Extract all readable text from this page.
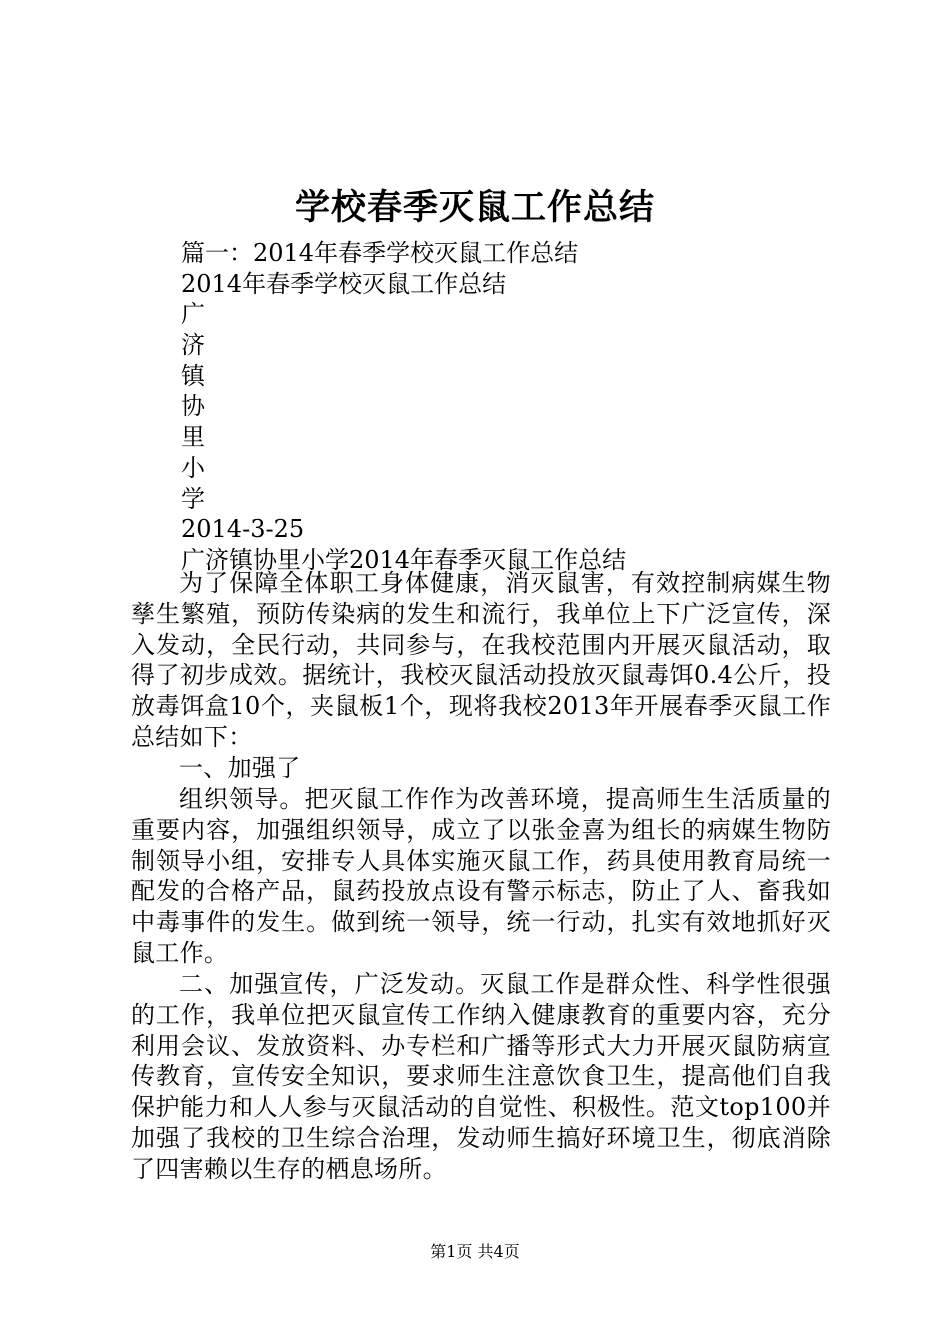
学校春季灭鼠工作总结
篇一：2014年春季学校灭鼠工作总结
2014年春季学校灭鼠工作总结
广
济
镇
协
里
小
学
2014-3-25
广济镇协里小学2014年春季灭鼠工作总结
为了保障全体职工身体健康，消灭鼠害，有效控制病媒生物孳生繁殖，预防传染病的发生和流行，我单位上下广泛宣传，深入发动，全民行动，共同参与，在我校范围内开展灭鼠活动，取得了初步成效。据统计，我校灭鼠活动投放灭鼠毒饵0.4公斤，投放毒饵盒10个，夹鼠板1个，现将我校2013年开展春季灭鼠工作总结如下：
一、加强了
组织领导。把灭鼠工作作为改善环境，提高师生生活质量的重要内容，加强组织领导，成立了以张金喜为组长的病媒生物防制领导小组，安排专人具体实施灭鼠工作，药具使用教育局统一配发的合格产品，鼠药投放点设有警示标志，防止了人、畜我如中毒事件的发生。做到统一领导，统一行动，扎实有效地抓好灭鼠工作。
二、加强宣传，广泛发动。灭鼠工作是群众性、科学性很强的工作，我单位把灭鼠宣传工作纳入健康教育的重要内容，充分利用会议、发放资料、办专栏和广播等形式大力开展灭鼠防病宣传教育，宣传安全知识，要求师生注意饮食卫生，提高他们自我保护能力和人人参与灭鼠活动的自觉性、积极性。范文top100并加强了我校的卫生综合治理，发动师生搞好环境卫生，彻底消除了四害赖以生存的栖息场所。
第1页 共4页
